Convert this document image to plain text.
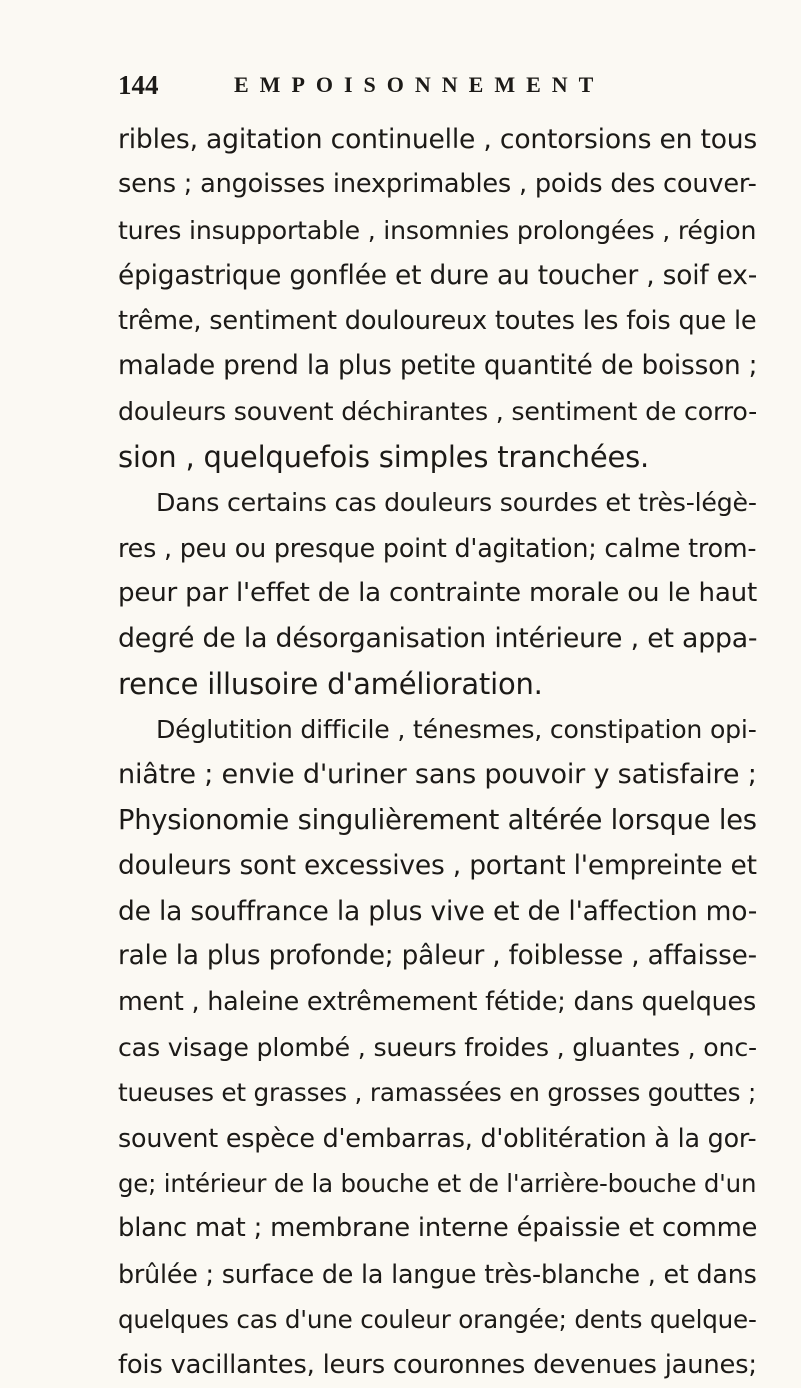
144	EMPOISONNEMENT
ribles, agitation continuelle , contorsions en tous
sens ; angoisses inexprimables , poids des couver-
tures insupportable , insomnies prolongées , région
épigastrique gonflée et dure au toucher , soif ex-
trême, sentiment douloureux toutes les fois que le
malade prend la plus petite quantité de boisson ;
douleurs souvent déchirantes , sentiment de corro-
sion , quelquefois simples tranchées.
Dans certains cas douleurs sourdes et très-légè-
res , peu ou presque point d'agitation; calme trom-
peur par l'effet de la contrainte morale ou le haut
degré de la désorganisation intérieure , et appa-
rence illusoire d'amélioration.
Déglutition difficile , ténesmes, constipation opi-
niâtre ; envie d'uriner sans pouvoir y satisfaire ;
Physionomie singulièrement altérée lorsque les
douleurs sont excessives , portant l'empreinte et
de la souffrance la plus vive et de l'affection mo-
rale la plus profonde; pâleur , foiblesse , affaisse-
ment , haleine extrêmement fétide; dans quelques
cas visage plombé , sueurs froides , gluantes , onc-
tueuses et grasses , ramassées en grosses gouttes ;
souvent espèce d'embarras, d'oblitération à la gor-
ge; intérieur de la bouche et de l'arrière-bouche d'un
blanc mat ; membrane interne épaissie et comme
brûlée ; surface de la langue très-blanche , et dans
quelques cas d'une couleur orangée; dents quelque-
fois vacillantes, leurs couronnes devenues jaunes;
